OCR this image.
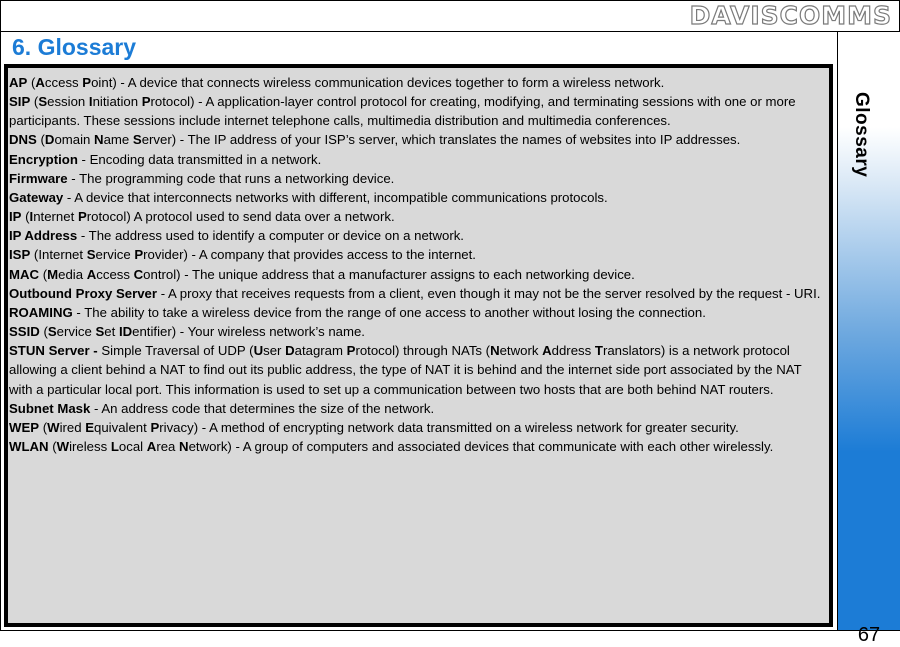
DAVISCOMMS
6. Glossary

AP (Access Point) - A device that connects wireless communication devices together to form a wireless network.

SIP (Session Initiation Protocol) - A application-layer control protocol for creating, modifying, and terminating sessions with one or more participants. These sessions include internet telephone calls, multimedia distribution and multimedia conferences.

DNS (Domain Name Server) - The IP address of your ISP’s server, which translates the names of websites into IP addresses.

Encryption - Encoding data transmitted in a network.

Firmware - The programming code that runs a networking device.

Gateway - A device that interconnects networks with different, incompatible communications protocols.

IP (Internet Protocol) A protocol used to send data over a network.

IP Address - The address used to identify a computer or device on a network.

ISP (Internet Service Provider) - A company that provides access to the internet.

MAC (Media Access Control) - The unique address that a manufacturer assigns to each networking device.

Outbound Proxy Server - A proxy that receives requests from a client, even though it may not be the server resolved by the request - URI.

ROAMING - The ability to take a wireless device from the range of one access to another without losing the connection.

SSID (Service Set IDentifier) - Your wireless network’s name.

STUN Server - Simple Traversal of UDP (User Datagram Protocol) through NATs (Network Address Translators) is a network protocol allowing a client behind a NAT to find out its public address, the type of NAT it is behind and the internet side port associated by the NAT with a particular local port. This information is used to set up a communication between two hosts that are both behind NAT routers.

Subnet Mask - An address code that determines the size of the network.

WEP (Wired Equivalent Privacy) - A method of encrypting network data transmitted on a wireless network for greater security.

WLAN (Wireless Local Area Network) - A group of computers and associated devices that communicate with each other wirelessly.

Glossary
67
